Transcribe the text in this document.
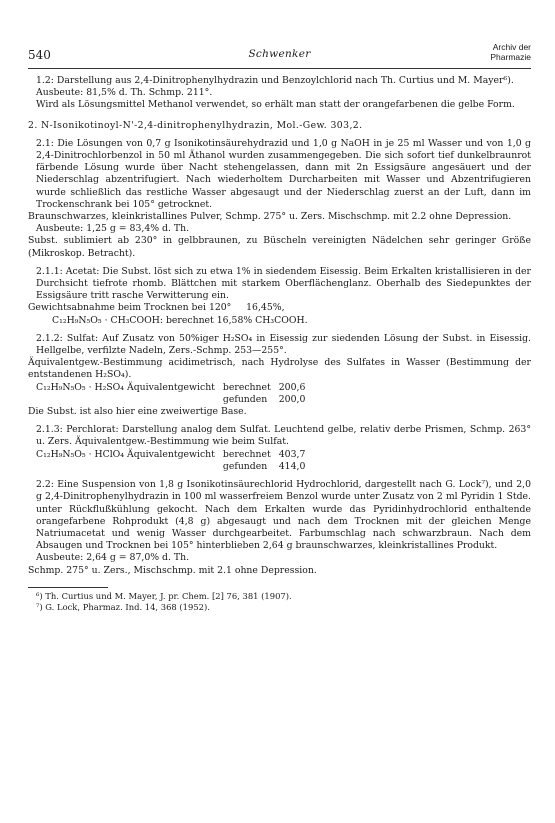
540	Schwenker
Archiv der
Pharmazie

1.2: Darstellung aus 2,4-Dinitrophenylhydrazin und Benzoylchlorid nach Th. Curtius und M. Mayer⁶).

Ausbeute: 81,5% d. Th. Schmp. 211°.

Wird als Lösungsmittel Methanol verwendet, so erhält man statt der orangefarbenen die gelbe Form.

2. N-Isonikotinoyl-N'-2,4-dinitrophenylhydrazin, Mol.-Gew. 303,2.

2.1: Die Lösungen von 0,7 g Isonikotinsäurehydrazid und 1,0 g NaOH in je 25 ml Wasser und von 1,0 g 2,4-Dinitrochlorbenzol in 50 ml Äthanol wurden zusammengegeben. Die sich sofort tief dunkelbraunrot färbende Lösung wurde über Nacht stehengelassen, dann mit 2n Essigsäure angesäuert und der Niederschlag abzentrifugiert. Nach wiederholtem Durcharbeiten mit Wasser und Abzentrifugieren wurde schließlich das restliche Wasser abgesaugt und der Niederschlag zuerst an der Luft, dann im Trockenschrank bei 105° getrocknet.

Braunschwarzes, kleinkristallines Pulver, Schmp. 275° u. Zers. Mischschmp. mit 2.2 ohne Depression.

Ausbeute: 1,25 g = 83,4% d. Th.

Subst. sublimiert ab 230° in gelbbraunen, zu Büscheln vereinigten Nädelchen sehr geringer Größe (Mikroskop. Betracht).

2.1.1: Acetat: Die Subst. löst sich zu etwa 1% in siedendem Eisessig. Beim Erkalten kristallisieren in der Durchsicht tiefrote rhomb. Blättchen mit starkem Oberflächenglanz. Oberhalb des Siedepunktes der Essigsäure tritt rasche Verwitterung ein.

Gewichtsabnahme beim Trocknen bei 120° 16,45%,

C₁₂H₉N₅O₅ · CH₃COOH: berechnet 16,58% CH₃COOH.

2.1.2: Sulfat: Auf Zusatz von 50%iger H₂SO₄ in Eisessig zur siedenden Lösung der Subst. in Eisessig. Hellgelbe, verfilzte Nadeln, Zers.-Schmp. 253—255°.

Äquivalentgew.-Bestimmung acidimetrisch, nach Hydrolyse des Sulfates in Wasser (Bestimmung der entstandenen H₂SO₄).

C₁₂H₉N₅O₅ · H₂SO₄ Äquivalentgewicht berechnet 200,6
gefunden	200,0

Die Subst. ist also hier eine zweiwertige Base.

2.1.3: Perchlorat: Darstellung analog dem Sulfat. Leuchtend gelbe, relativ derbe Prismen, Schmp. 263° u. Zers. Äquivalentgew.-Bestimmung wie beim Sulfat.

C₁₂H₉N₅O₅ · HClO₄ Äquivalentgewicht berechnet 403,7
gefunden	414,0

2.2: Eine Suspension von 1,8 g Isonikotinsäurechlorid Hydrochlorid, dargestellt nach G. Lock⁷), und 2,0 g 2,4-Dinitrophenylhydrazin in 100 ml wasserfreiem Benzol wurde unter Zusatz von 2 ml Pyridin 1 Stde. unter Rückflußkühlung gekocht. Nach dem Erkalten wurde das Pyridinhydrochlorid enthaltende orangefarbene Rohprodukt (4,8 g) abgesaugt und nach dem Trocknen mit der gleichen Menge Natriumacetat und wenig Wasser durchgearbeitet. Farbumschlag nach schwarzbraun. Nach dem Absaugen und Trocknen bei 105° hinterblieben 2,64 g braunschwarzes, kleinkristallines Produkt.

Ausbeute: 2,64 g = 87,0% d. Th.

Schmp. 275° u. Zers., Mischschmp. mit 2.1 ohne Depression.

⁶) Th. Curtius und M. Mayer, J. pr. Chem. [2] 76, 381 (1907).

⁷) G. Lock, Pharmaz. Ind. 14, 368 (1952).
